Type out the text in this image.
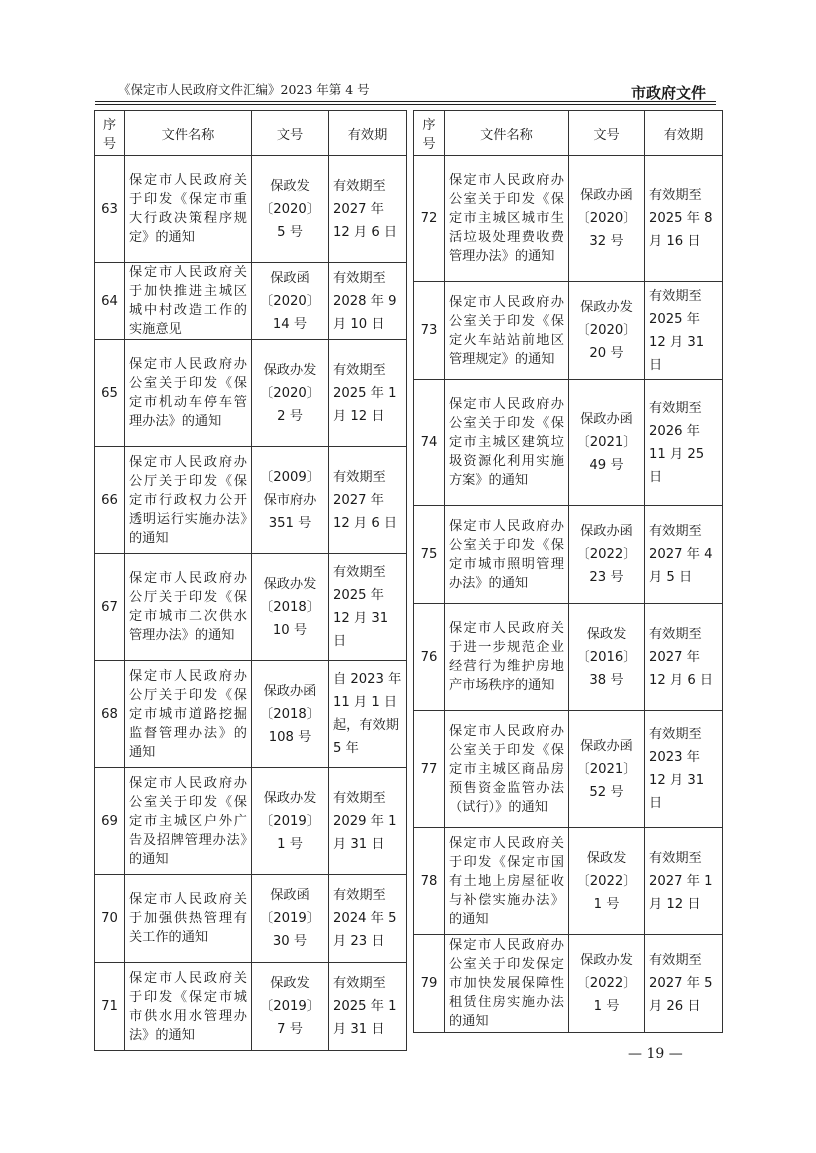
《保定市人民政府文件汇编》2023 年第 4 号	市政府文件
序号	文件名称	文号	有效期
63	保定市人民政府关于印发《保定市重大行政决策程序规定》的通知	保政发〔2020〕5 号	有效期至 2027 年 12 月 6 日
64	保定市人民政府关于加快推进主城区城中村改造工作的实施意见	保政函〔2020〕14 号	有效期至 2028 年 9 月 10 日
65	保定市人民政府办公室关于印发《保定市机动车停车管理办法》的通知	保政办发〔2020〕2 号	有效期至 2025 年 1 月 12 日
66	保定市人民政府办公厅关于印发《保定市行政权力公开透明运行实施办法》的通知	〔2009〕保市府办 351 号	有效期至 2027 年 12 月 6 日
67	保定市人民政府办公厅关于印发《保定市城市二次供水管理办法》的通知	保政办发〔2018〕10 号	有效期至 2025 年 12 月 31 日
68	保定市人民政府办公厅关于印发《保定市城市道路挖掘监督管理办法》的通知	保政办函〔2018〕108 号	自 2023 年 11 月 1 日起，有效期 5 年
69	保定市人民政府办公室关于印发《保定市主城区户外广告及招牌管理办法》的通知	保政办发〔2019〕1 号	有效期至 2029 年 1 月 31 日
70	保定市人民政府关于加强供热管理有关工作的通知	保政函〔2019〕30 号	有效期至 2024 年 5 月 23 日
71	保定市人民政府关于印发《保定市城市供水用水管理办法》的通知	保政发〔2019〕7 号	有效期至 2025 年 1 月 31 日
序号	文件名称	文号	有效期
72	保定市人民政府办公室关于印发《保定市主城区城市生活垃圾处理费收费管理办法》的通知	保政办函〔2020〕32 号	有效期至 2025 年 8 月 16 日
73	保定市人民政府办公室关于印发《保定火车站站前地区管理规定》的通知	保政办发〔2020〕20 号	有效期至 2025 年 12 月 31 日
74	保定市人民政府办公室关于印发《保定市主城区建筑垃圾资源化利用实施方案》的通知	保政办函〔2021〕49 号	有效期至 2026 年 11 月 25 日
75	保定市人民政府办公室关于印发《保定市城市照明管理办法》的通知	保政办函〔2022〕23 号	有效期至 2027 年 4 月 5 日
76	保定市人民政府关于进一步规范企业经营行为维护房地产市场秩序的通知	保政发〔2016〕38 号	有效期至 2027 年 12 月 6 日
77	保定市人民政府办公室关于印发《保定市主城区商品房预售资金监管办法（试行）》的通知	保政办函〔2021〕52 号	有效期至 2023 年 12 月 31 日
78	保定市人民政府关于印发《保定市国有土地上房屋征收与补偿实施办法》的通知	保政发〔2022〕1 号	有效期至 2027 年 1 月 12 日
79	保定市人民政府办公室关于印发保定市加快发展保障性租赁住房实施办法的通知	保政办发〔2022〕1 号	有效期至 2027 年 5 月 26 日
— 19 —
